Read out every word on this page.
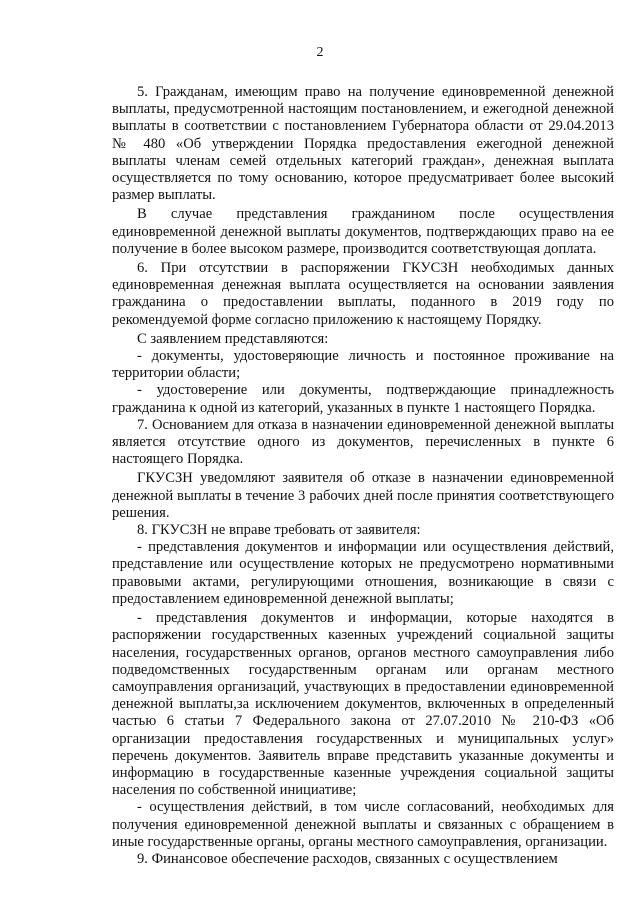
2

5. Гражданам, имеющим право на получение единовременной денежной выплаты, предусмотренной настоящим постановлением, и ежегодной денежной выплаты в соответствии с постановлением Губернатора области от 29.04.2013 № 480 «Об утверждении Порядка предоставления ежегодной денежной выплаты членам семей отдельных категорий граждан», денежная выплата осуществляется по тому основанию, которое предусматривает более высокий размер выплаты.

В случае представления гражданином после осуществления единовременной денежной выплаты документов, подтверждающих право на ее получение в более высоком размере, производится соответствующая доплата.

6. При отсутствии в распоряжении ГКУСЗН необходимых данных единовременная денежная выплата осуществляется на основании заявления гражданина о предоставлении выплаты, поданного в 2019 году по рекомендуемой форме согласно приложению к настоящему Порядку.

С заявлением представляются:

- документы, удостоверяющие личность и постоянное проживание на территории области;

- удостоверение или документы, подтверждающие принадлежность гражданина к одной из категорий, указанных в пункте 1 настоящего Порядка.

7. Основанием для отказа в назначении единовременной денежной выплаты является отсутствие одного из документов, перечисленных в пункте 6 настоящего Порядка.

ГКУСЗН уведомляют заявителя об отказе в назначении единовременной денежной выплаты в течение 3 рабочих дней после принятия соответствующего решения.

8. ГКУСЗН не вправе требовать от заявителя:

- представления документов и информации или осуществления действий, представление или осуществление которых не предусмотрено нормативными правовыми актами, регулирующими отношения, возникающие в связи с предоставлением единовременной денежной выплаты;

- представления документов и информации, которые находятся в распоряжении государственных казенных учреждений социальной защиты населения, государственных органов, органов местного самоуправления либо подведомственных государственным органам или органам местного самоуправления организаций, участвующих в предоставлении единовременной денежной выплаты,за исключением документов, включенных в определенный частью 6 статьи 7 Федерального закона от 27.07.2010 № 210-ФЗ «Об организации предоставления государственных и муниципальных услуг» перечень документов. Заявитель вправе представить указанные документы и информацию в государственные казенные учреждения социальной защиты населения по собственной инициативе;

- осуществления действий, в том числе согласований, необходимых для получения единовременной денежной выплаты и связанных с обращением в иные государственные органы, органы местного самоуправления, организации.

9. Финансовое обеспечение расходов, связанных с осуществлением
